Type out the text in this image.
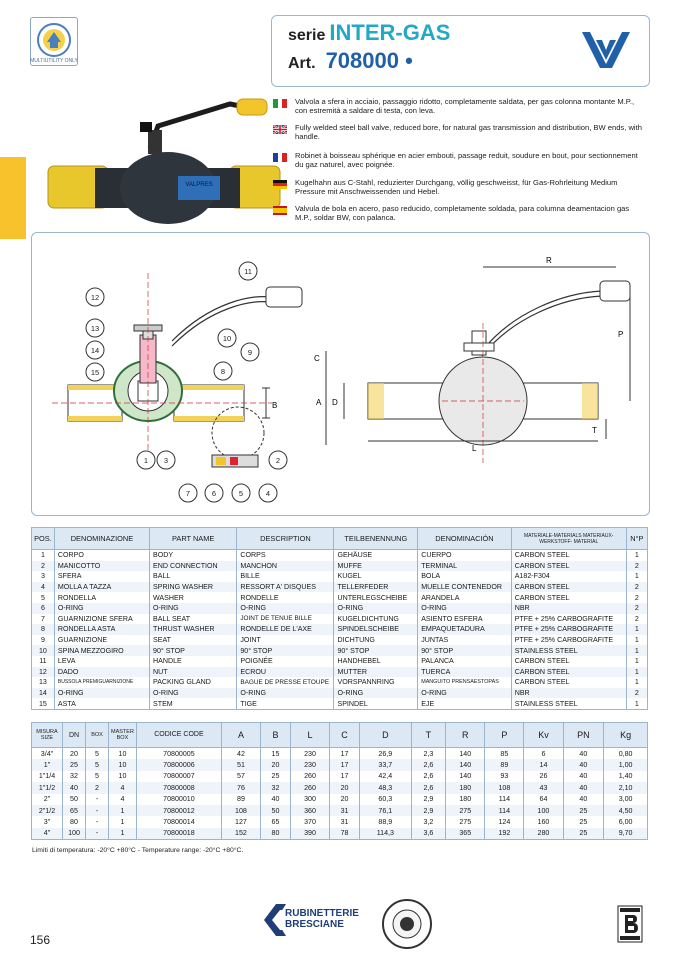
MULTIUTILITY ONLY
serie INTER-GAS
Art. 708000 •
VALPRES
Valvola a sfera in acciaio, passaggio ridotto, completamente saldata, per gas colonna montante M.P., con estremità a saldare di testa, con leva.
Fully welded steel ball valve, reduced bore, for natural gas transmission and distribution, BW ends, with handle.
Robinet à boisseau sphérique en acier embouti, passage reduit, soudure en bout, pour sectionnement du gaz naturel, avec poignée.
Kugelhahn aus C-Stahl, reduzierter Durchgang, völlig geschweisst, für Gas-Rohrleitung Medium Pressure mit Anschweissenden und Hebel.
Valvula de bola en acero, paso reducido, completamente soldada, para columna deamentacion gas M.P., soldar BW, con palanca.
B
12
13
14
15
11
10
9
8
1 3	2
7	6	5	4
R
P
L
A D
C
T
POS.	DENOMINAZIONE	PART NAME	DESCRIPTION	TEILBENENNUNG	DENOMINACIÓN	MATERIALE-MATERIALS MATERIAUX-WERKSTOFF- MATERIAL	N°P
1	CORPO	BODY	CORPS	GEHÄUSE	CUERPO	CARBON STEEL	1
2	MANICOTTO	END CONNECTION	MANCHON	MUFFE	TERMINAL	CARBON STEEL	2
3	SFERA	BALL	BILLE	KUGEL	BOLA	A182-F304	1
4	MOLLA A TAZZA	SPRING WASHER	RESSORT A' DISQUES	TELLERFEDER	MUELLE CONTENEDOR	CARBON STEEL	2
5	RONDELLA	WASHER	RONDELLE	UNTERLEGSCHEIBE	ARANDELA	CARBON STEEL	2
6	O-RING	O-RING	O-RING	O-RING	O-RING	NBR	2
7	GUARNIZIONE SFERA	BALL SEAT	JOINT DE TENUE BILLE	KUGELDICHTUNG	ASIENTO ESFERA	PTFE + 25% CARBOGRAFITE	2
8	RONDELLA ASTA	THRUST WASHER	RONDELLE DE L'AXE	SPINDELSCHEIBE	EMPAQUETADURA	PTFE + 25% CARBOGRAFITE	1
9	GUARNIZIONE	SEAT	JOINT	DICHTUNG	JUNTAS	PTFE + 25% CARBOGRAFITE	1
10	SPINA MEZZOGIRO	90° STOP	90° STOP	90° STOP	90° STOP	STAINLESS STEEL	1
11	LEVA	HANDLE	POIGNÉE	HANDHEBEL	PALANCA	CARBON STEEL	1
12	DADO	NUT	ECROU	MUTTER	TUERCA	CARBON STEEL	1
13	BUSSOLA PREMIGUARNIZIONE	PACKING GLAND	BAGUE DE PRESSE ETOUPE	VORSPANNRING	MANGUITO PRENSAESTOPAS	CARBON STEEL	1
14	O-RING	O-RING	O-RING	O-RING	O-RING	NBR	2
15	ASTA	STEM	TIGE	SPINDEL	EJE	STAINLESS STEEL	1
MISURA SIZE	DN	BOX	MASTER BOX	CODICE CODE	A	B	L	C	D	T	R	P	Kv	PN	Kg
3/4"	20	5	10	70800005	42	15	230	17	26,9	2,3	140	85	6	40	0,80
1"	25	5	10	70800006	51	20	230	17	33,7	2,6	140	89	14	40	1,00
1"1/4	32	5	10	70800007	57	25	260	17	42,4	2,6	140	93	26	40	1,40
1"1/2	40	2	4	70800008	76	32	260	20	48,3	2,6	180	108	43	40	2,10
2"	50	-	4	70800010	89	40	300	20	60,3	2,9	180	114	64	40	3,00
2"1/2	65	-	1	70800012	108	50	360	31	76,1	2,9	275	114	100	25	4,50
3"	80	-	1	70800014	127	65	370	31	88,9	3,2	275	124	160	25	6,00
4"	100	-	1	70800018	152	80	390	78	114,3	3,6	365	192	280	25	9,70
Limiti di temperatura: -20°C +80°C - Temperature range: -20°C +80°C.
RUBINETTERIE
BRESCIANE
156
